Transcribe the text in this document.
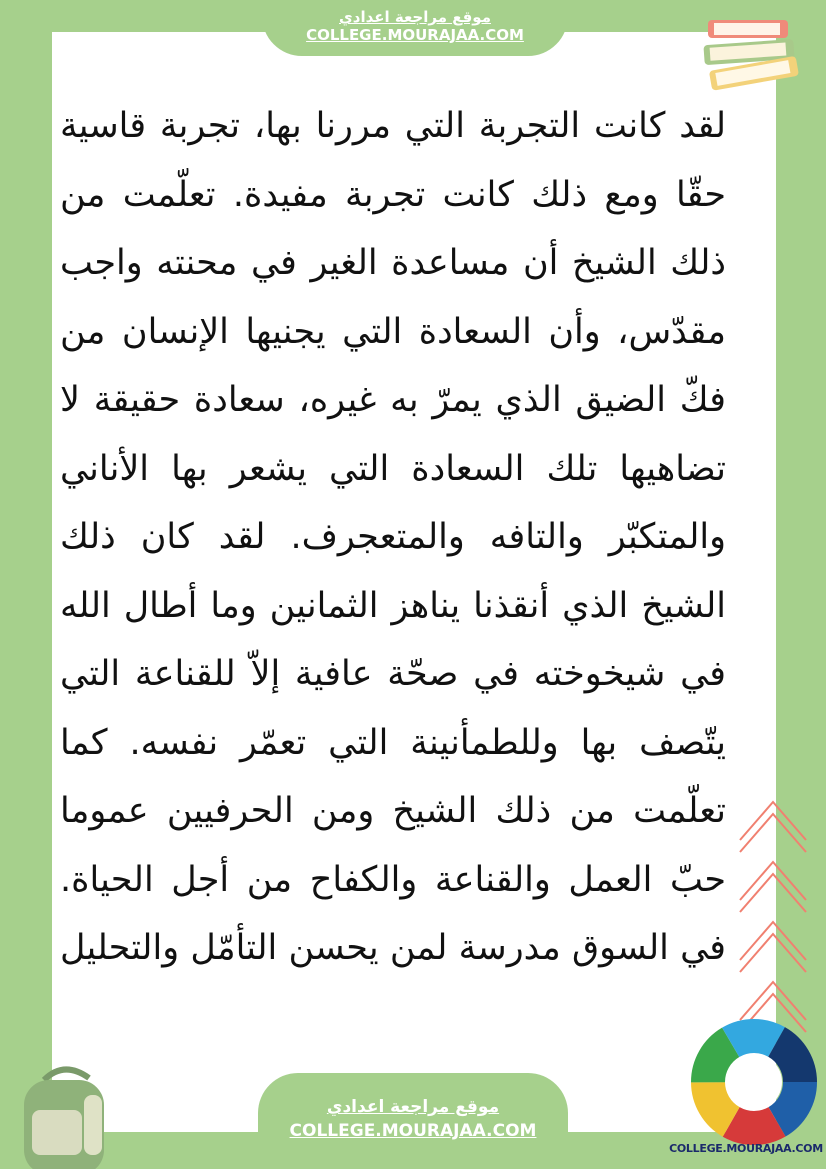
موقع مراجعة اعدادي
COLLEGE.MOURAJAA.COM
لقد كانت التجربة التي مررنا بها، تجربة قاسية
حقّا ومع ذلك كانت تجربة مفيدة. تعلّمت من
ذلك الشيخ أن مساعدة الغير في محنته واجب
مقدّس، وأن السعادة التي يجنيها الإنسان من
فكّ الضيق الذي يمرّ به غيره، سعادة حقيقة لا
تضاهيها تلك السعادة التي يشعر بها الأناني
والمتكبّر والتافه والمتعجرف. لقد كان ذلك
الشيخ الذي أنقذنا يناهز الثمانين وما أطال الله
في شيخوخته في صحّة عافية إلاّ للقناعة التي
يتّصف بها وللطمأنينة التي تعمّر نفسه. كما
تعلّمت من ذلك الشيخ ومن الحرفيين عموما
حبّ العمل والقناعة والكفاح من أجل الحياة.
في السوق مدرسة لمن يحسن التأمّل والتحليل
موقع مراجعة اعدادي
COLLEGE.MOURAJAA.COM
COLLEGE.MOURAJAA.COM
